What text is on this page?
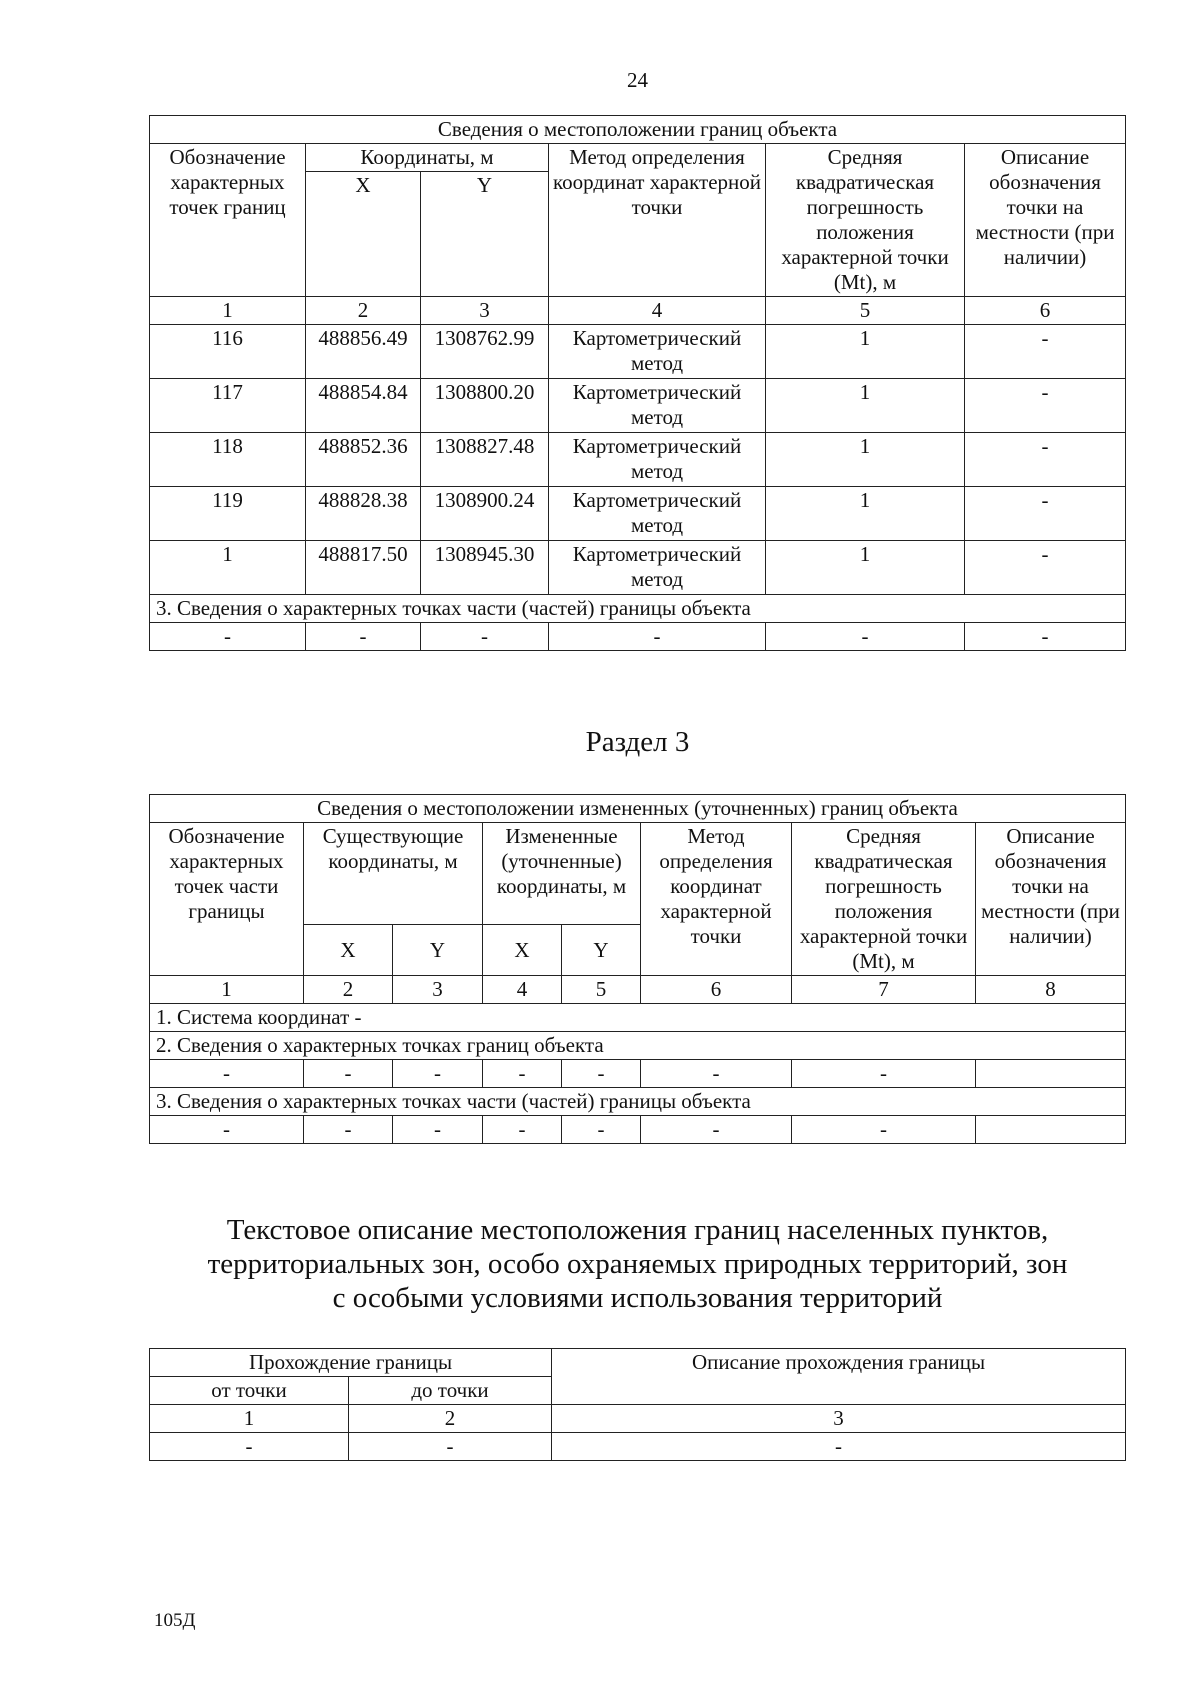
24
Сведения о местоположении границ объекта					
Обозначение характерных точек границ	Координаты, м		Метод определения координат характерной точки	Средняя квадратическая погрешность положения характерной точки (Mt), м	Описание обозначения точки на местности (при наличии)
	X	Y			
1	2	3	4	5	6
116	488856.49	1308762.99	Картометрический метод	1	-
117	488854.84	1308800.20	Картометрический метод	1	-
118	488852.36	1308827.48	Картометрический метод	1	-
119	488828.38	1308900.24	Картометрический метод	1	-
1	488817.50	1308945.30	Картометрический метод	1	-
3. Сведения о характерных точках части (частей) границы объекта					
-	-	-	-	-	-
Раздел 3
Сведения о местоположении измененных (уточненных) границ объекта							
Обозначение характерных точек части границы	Существующие координаты, м		Измененные (уточненные) координаты, м		Метод определения координат характерной точки	Средняя квадратическая погрешность положения характерной точки (Mt), м	Описание обозначения точки на местности (при наличии)
	X	Y	X	Y			
1	2	3	4	5	6	7	8
1. Система координат -							
2. Сведения о характерных точках границ объекта							
-	-	-	-	-	-	-	
3. Сведения о характерных точках части (частей) границы объекта							
-	-	-	-	-	-	-	
Текстовое описание местоположения границ населенных пунктов, территориальных зон, особо охраняемых природных территорий, зон с особыми условиями использования территорий
Прохождение границы		Описание прохождения границы
от точки	до точки	
1	2	3
-	-	-
105Д
